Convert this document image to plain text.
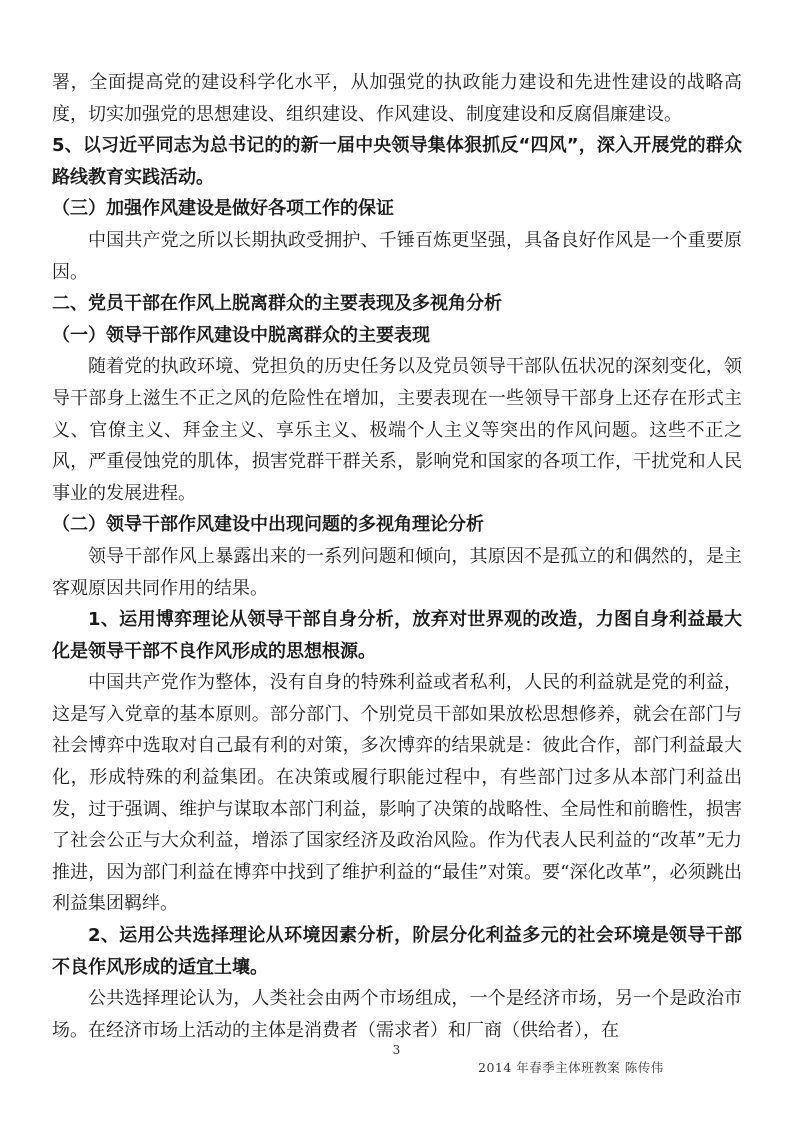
署，全面提高党的建设科学化水平，从加强党的执政能力建设和先进性建设的战略高度，切实加强党的思想建设、组织建设、作风建设、制度建设和反腐倡廉建设。

5、以习近平同志为总书记的的新一届中央领导集体狠抓反“四风”，深入开展党的群众路线教育实践活动。

（三）加强作风建设是做好各项工作的保证

中国共产党之所以长期执政受拥护、千锤百炼更坚强，具备良好作风是一个重要原因。

二、党员干部在作风上脱离群众的主要表现及多视角分析

（一）领导干部作风建设中脱离群众的主要表现

随着党的执政环境、党担负的历史任务以及党员领导干部队伍状况的深刻变化，领导干部身上滋生不正之风的危险性在增加，主要表现在一些领导干部身上还存在形式主义、官僚主义、拜金主义、享乐主义、极端个人主义等突出的作风问题。这些不正之风，严重侵蚀党的肌体，损害党群干群关系，影响党和国家的各项工作，干扰党和人民事业的发展进程。

（二）领导干部作风建设中出现问题的多视角理论分析

领导干部作风上暴露出来的一系列问题和倾向，其原因不是孤立的和偶然的，是主客观原因共同作用的结果。

1、运用博弈理论从领导干部自身分析，放弃对世界观的改造，力图自身利益最大化是领导干部不良作风形成的思想根源。

中国共产党作为整体，没有自身的特殊利益或者私利，人民的利益就是党的利益，这是写入党章的基本原则。部分部门、个别党员干部如果放松思想修养，就会在部门与社会博弈中选取对自己最有利的对策，多次博弈的结果就是：彼此合作，部门利益最大化，形成特殊的利益集团。在决策或履行职能过程中，有些部门过多从本部门利益出发，过于强调、维护与谋取本部门利益，影响了决策的战略性、全局性和前瞻性，损害了社会公正与大众利益，增添了国家经济及政治风险。作为代表人民利益的“改革”无力推进，因为部门利益在博弈中找到了维护利益的“最佳”对策。要“深化改革”，必须跳出利益集团羁绊。

2、运用公共选择理论从环境因素分析，阶层分化利益多元的社会环境是领导干部不良作风形成的适宜土壤。

公共选择理论认为，人类社会由两个市场组成，一个是经济市场，另一个是政治市场。在经济市场上活动的主体是消费者（需求者）和厂商（供给者），在

3
2014 年春季主体班教案 陈传伟
